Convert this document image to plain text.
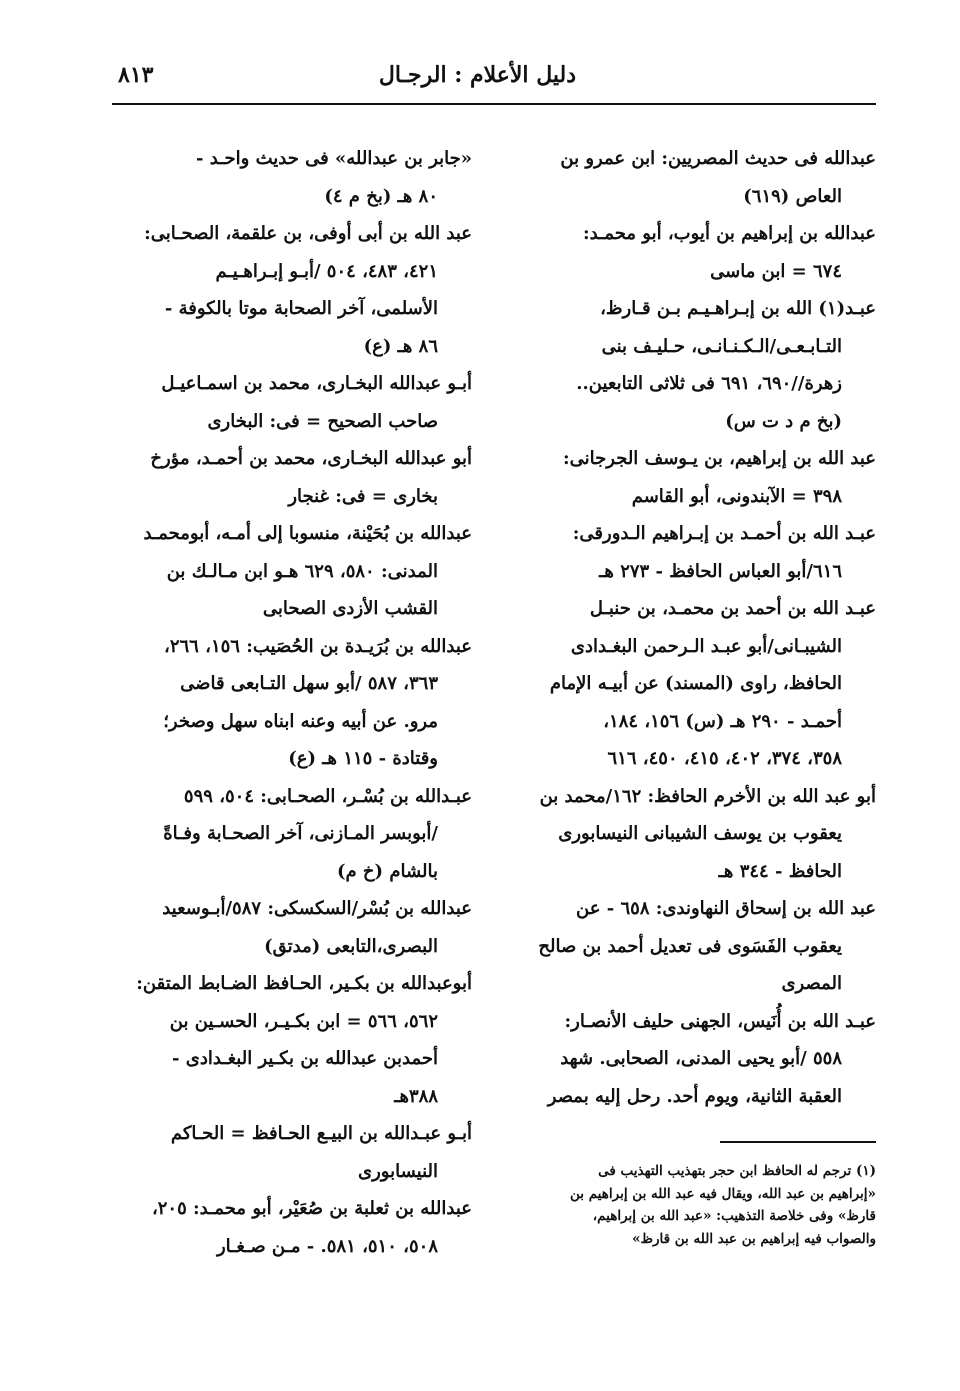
دليل الأعلام : الرجـال
٨١٣
عبدالله فى حديث المصريين: ابن عمرو بن
العاص (٦١٩)
عبدالله بن إبراهيم بن أيوب، أبو محمـد:
٦٧٤ = ابن ماسى
عبـد(١) الله بن إبـراهـيـم بـن قـارظ،
التـابـعـى/الـكـنـانـى، حـليـف بنى
زهرة//٦٩٠، ٦٩١ فى ثلاثى التابعين..
(بخ م د ت س)
عبد الله بن إبراهيم، بن يـوسف الجرجانى:
٣٩٨ = الآبندونى، أبو القاسم
عبـد الله بن أحمـد بن إبـراهيم الـدورقى:
٦١٦/أبو العباس الحافظ - ٢٧٣ هـ
عبـد الله بن أحمد بن محمـد، بن حنبـل
الشيبـانى/أبو عبـد الـرحمن البغـدادى
الحافظ، راوى (المسند) عن أبيـه الإمام
أحمـد - ٢٩٠ هـ (س) ١٥٦، ١٨٤،
٣٥٨، ٣٧٤، ٤٠٢، ٤١٥، ٤٥٠، ٦١٦
أبو عبد الله بن الأخرم الحافظ: ١٦٢/محمد بن
يعقوب بن يوسف الشيبانى النيسابورى
الحافظ - ٣٤٤ هـ
عبد الله بن إسحاق النهاوندى: ٦٥٨ - عن
يعقوب الفَسَوى فى تعديل أحمد بن صالح
المصرى
عبـد الله بن أُنَيس، الجهنى حليف الأنصـار:
٥٥٨ /أبو يحيى المدنى، الصحابى. شهد
العقبة الثانية، ويوم أحد. رحل إليه بمصر
«جابر بن عبدالله» فى حديث واحـد -
٨٠ هـ (بخ م ٤)
عبد الله بن أبى أوفى، بن علقمة، الصحـابى:
٤٢١، ٤٨٣، ٥٠٤ /أبـو إبـراهـيـم
الأسلمى، آخر الصحابة موتا بالكوفة -
٨٦ هـ (ع)
أبـو عبدالله البخـارى، محمد بن اسمـاعيـل
صاحب الصحيح = فى: البخارى
أبو عبدالله البخـارى، محمد بن أحمـد، مؤرخ
بخارى = فى: غنجار
عبدالله بن بُحَيْنة، منسوبا إلى أمـه، أبومحمـد
المدنى: ٥٨٠، ٦٢٩ هـو ابن مـالـك بن
القشب الأزدى الصحابى
عبدالله بن بُرَيـدة بن الحُصَيب: ١٥٦، ٢٦٦،
٣٦٣، ٥٨٧ /أبو سهل التـابعى قاضى
مرو. عن أبيه وعنه ابناه سهل وصخر؛
وقتادة - ١١٥ هـ (ع)
عبـدالله بن بُسْـر، الصحـابى: ٥٠٤، ٥٩٩
/أبوبسر المـازنى، آخر الصحـابة وفـاةً
بالشام (خ م)
عبدالله بن بُسْر/السكسكى: ٥٨٧/أبـوسعيد
البصرى،التابعى (مدتق)
أبوعبدالله بن بكـير، الحـافظ الضـابط المتقن:
٥٦٢، ٥٦٦ = ابن بكـيـر، الحسـين بن
أحمدبن عبدالله بن بكـير البغـدادى -
٣٨٨هـ
أبـو عبـدالله بن البيـع الحـافظ = الحـاكم
النيسابورى
عبدالله بن ثعلبة بن صُعَيْر، أبو محمـد: ٢٠٥،
٥٠٨، ٥١٠، ٥٨١. - مـن صـغـار
(١) ترجم له الحافظ ابن حجر بتهذيب التهذيب فى
«إبراهيم بن عبد الله، ويقال فيه عبد الله بن إبراهيم بن
قارظ» وفى خلاصة التذهيب: «عبد الله بن إبراهيم،
والصواب فيه إبراهيم بن عبد الله بن قارظ»
